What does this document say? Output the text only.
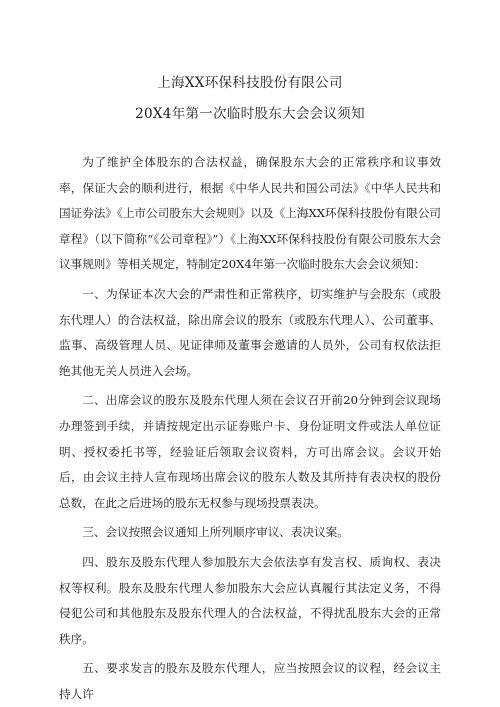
上海XX环保科技股份有限公司
20X4年第一次临时股东大会会议须知

为了维护全体股东的合法权益，确保股东大会的正常秩序和议事效率，保证大会的顺利进行，根据《中华人民共和国公司法》《中华人民共和国证券法》《上市公司股东大会规则》以及《上海XX环保科技股份有限公司章程》（以下简称“《公司章程》”）《上海XX环保科技股份有限公司股东大会议事规则》等相关规定，特制定20X4年第一次临时股东大会会议须知：

一、为保证本次大会的严肃性和正常秩序，切实维护与会股东（或股东代理人）的合法权益，除出席会议的股东（或股东代理人）、公司董事、监事、高级管理人员、见证律师及董事会邀请的人员外，公司有权依法拒绝其他无关人员进入会场。

二、出席会议的股东及股东代理人须在会议召开前20分钟到会议现场办理签到手续，并请按规定出示证券账户卡、身份证明文件或法人单位证明、授权委托书等，经验证后领取会议资料，方可出席会议。会议开始后，由会议主持人宣布现场出席会议的股东人数及其所持有表决权的股份总数，在此之后进场的股东无权参与现场投票表决。

三、会议按照会议通知上所列顺序审议、表决议案。

四、股东及股东代理人参加股东大会依法享有发言权、质询权、表决权等权利。股东及股东代理人参加股东大会应认真履行其法定义务，不得侵犯公司和其他股东及股东代理人的合法权益，不得扰乱股东大会的正常秩序。

五、要求发言的股东及股东代理人，应当按照会议的议程，经会议主持人许
